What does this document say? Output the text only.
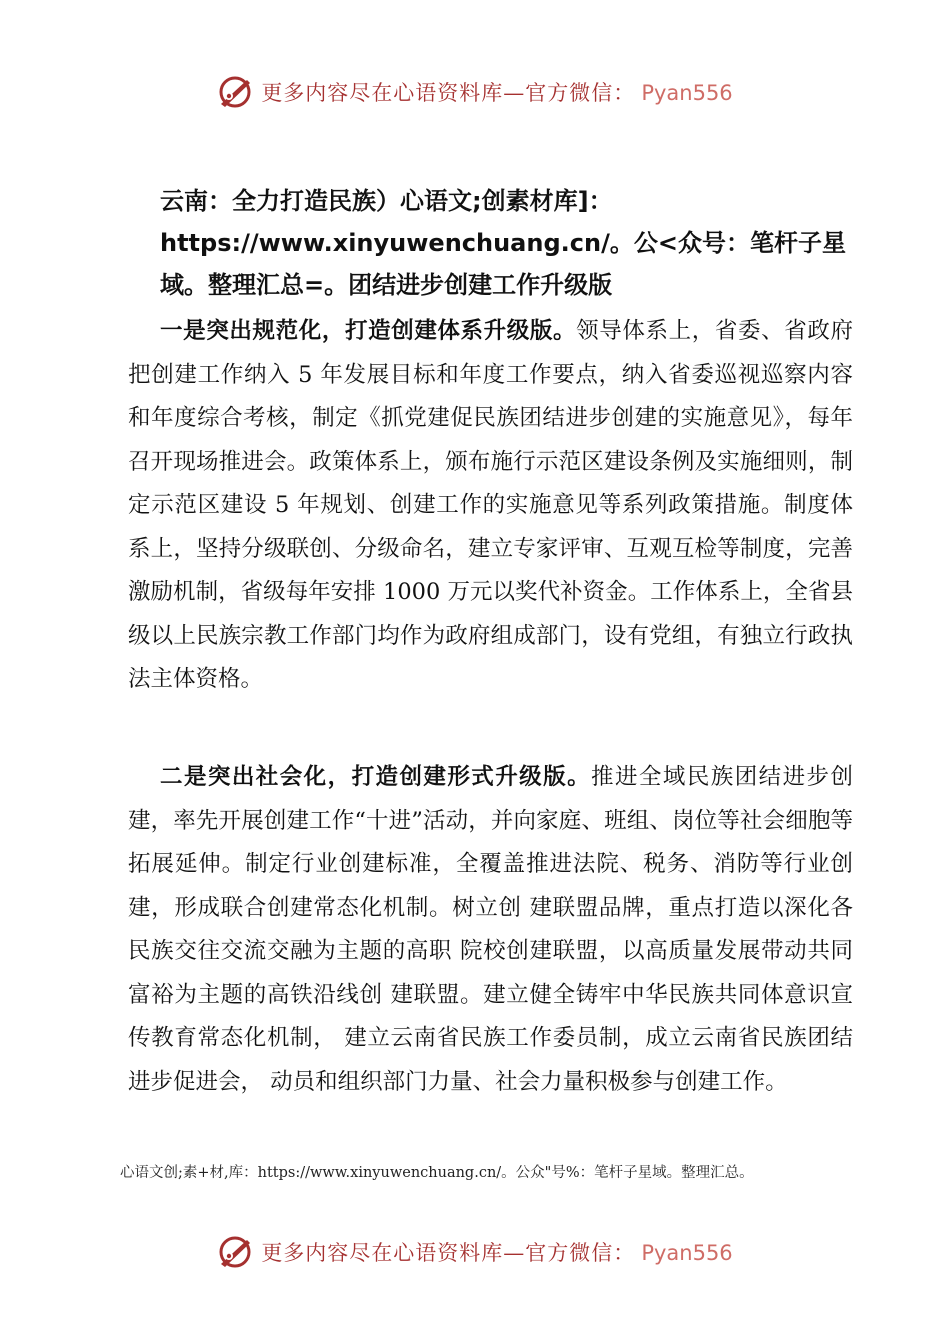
更多内容尽在心语资料库—官方微信： Pyan556
云南：全力打造民族）心语文;创素材库]：https://www.xinyuwenchuang.cn/。公<众号：笔杆子星域。整理汇总=。团结进步创建工作升级版

一是突出规范化，打造创建体系升级版。领导体系上，省委、省政府把创建工作纳入 5 年发展目标和年度工作要点，纳入省委巡视巡察内容和年度综合考核，制定《抓党建促民族团结进步创建的实施意见》，每年召开现场推进会。政策体系上，颁布施行示范区建设条例及实施细则，制定示范区建设 5 年规划、创建工作的实施意见等系列政策措施。制度体系上，坚持分级联创、分级命名，建立专家评审、互观互检等制度，完善激励机制，省级每年安排 1000 万元以奖代补资金。工作体系上，全省县级以上民族宗教工作部门均作为政府组成部门，设有党组，有独立行政执法主体资格。

二是突出社会化，打造创建形式升级版。推进全域民族团结进步创建，率先开展创建工作“十进”活动，并向家庭、班组、岗位等社会细胞等拓展延伸。制定行业创建标准，全覆盖推进法院、税务、消防等行业创建，形成联合创建常态化机制。树立创 建联盟品牌，重点打造以深化各民族交往交流交融为主题的高职 院校创建联盟，以高质量发展带动共同富裕为主题的高铁沿线创 建联盟。建立健全铸牢中华民族共同体意识宣传教育常态化机制， 建立云南省民族工作委员制，成立云南省民族团结进步促进会， 动员和组织部门力量、社会力量积极参与创建工作。

心语文创;素+材,库：https://www.xinyuwenchuang.cn/。公众"号%：笔杆子星域。整理汇总。

更多内容尽在心语资料库—官方微信： Pyan556
